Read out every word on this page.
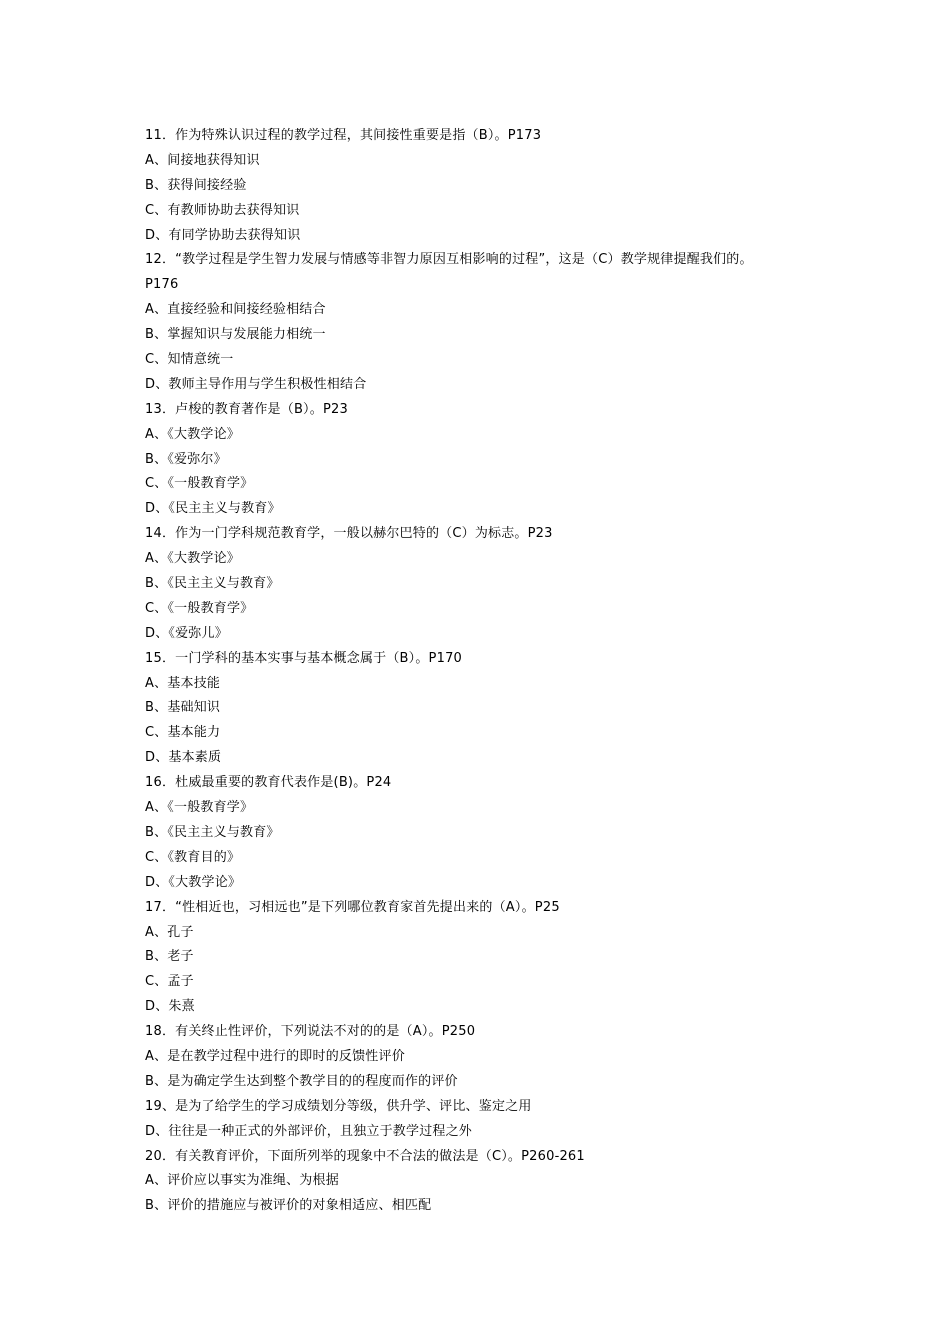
11．作为特殊认识过程的教学过程，其间接性重要是指（B）。P173
A、间接地获得知识
B、获得间接经验
C、有教师协助去获得知识
D、有同学协助去获得知识
12．“教学过程是学生智力发展与情感等非智力原因互相影响的过程”，这是（C）教学规律提醒我们的。
P176
A、直接经验和间接经验相结合
B、掌握知识与发展能力相统一
C、知情意统一
D、教师主导作用与学生积极性相结合
13．卢梭的教育著作是（B）。P23
A、《大教学论》
B、《爱弥尔》
C、《一般教育学》
D、《民主主义与教育》
14．作为一门学科规范教育学，一般以赫尔巴特的（C）为标志。P23
A、《大教学论》
B、《民主主义与教育》
C、《一般教育学》
D、《爱弥儿》
15．一门学科的基本实事与基本概念属于（B）。P170
A、基本技能
B、基础知识
C、基本能力
D、基本素质
16．杜威最重要的教育代表作是(B)。P24
A、《一般教育学》
B、《民主主义与教育》
C、《教育目的》
D、《大教学论》
17．“性相近也，习相远也”是下列哪位教育家首先提出来的（A）。P25
A、孔子
B、老子
C、孟子
D、朱熹
18．有关终止性评价，下列说法不对的的是（A）。P250
A、是在教学过程中进行的即时的反馈性评价
B、是为确定学生达到整个教学目的的程度而作的评价
19、是为了给学生的学习成绩划分等级，供升学、评比、鉴定之用
D、往往是一种正式的外部评价，且独立于教学过程之外
20．有关教育评价，下面所列举的现象中不合法的做法是（C）。P260-261
A、评价应以事实为准绳、为根据
B、评价的措施应与被评价的对象相适应、相匹配
